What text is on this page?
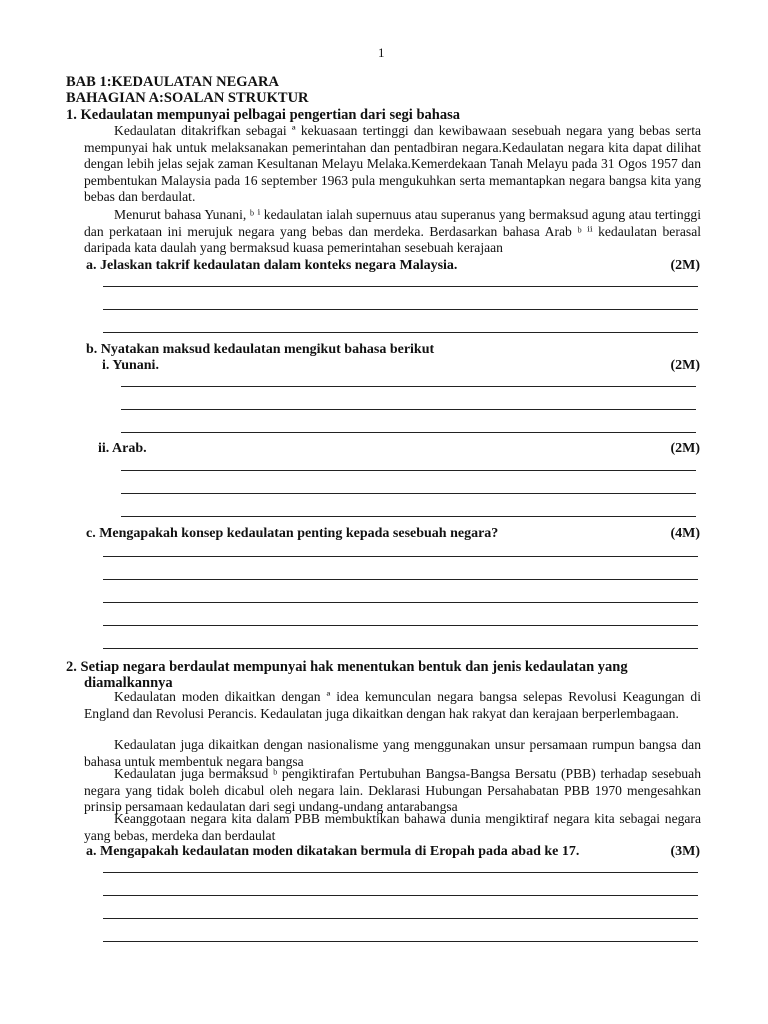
1
BAB 1:KEDAULATAN NEGARA
BAHAGIAN A:SOALAN STRUKTUR
1. Kedaulatan mempunyai pelbagai pengertian dari segi bahasa
Kedaulatan ditakrifkan sebagai ª kekuasaan tertinggi dan kewibawaan sesebuah negara yang bebas serta mempunyai hak untuk melaksanakan pemerintahan dan pentadbiran negara.Kedaulatan negara kita dapat dilihat dengan lebih jelas sejak zaman Kesultanan Melayu Melaka.Kemerdekaan Tanah Melayu pada 31 Ogos 1957 dan pembentukan Malaysia pada 16 september 1963 pula mengukuhkan serta memantapkan negara bangsa kita yang bebas dan berdaulat.
Menurut bahasa Yunani, ᵇ ⁱ kedaulatan ialah supernuus atau superanus yang bermaksud agung atau tertinggi dan perkataan ini merujuk negara yang bebas dan merdeka. Berdasarkan bahasa Arab ᵇ ⁱⁱ kedaulatan berasal daripada kata daulah yang bermaksud kuasa pemerintahan sesebuah kerajaan
a. Jelaskan takrif kedaulatan dalam konteks negara Malaysia.	(2M)
b. Nyatakan maksud kedaulatan mengikut bahasa berikut
i. Yunani.	(2M)
ii. Arab.	(2M)
c. Mengapakah konsep kedaulatan penting kepada sesebuah negara?	(4M)
2. Setiap negara berdaulat mempunyai hak menentukan bentuk dan jenis kedaulatan yang
diamalkannya
Kedaulatan moden dikaitkan dengan ª idea kemunculan negara bangsa selepas Revolusi Keagungan di England dan Revolusi Perancis. Kedaulatan juga dikaitkan dengan hak rakyat dan kerajaan berperlembagaan.
Kedaulatan juga dikaitkan dengan nasionalisme yang menggunakan unsur persamaan rumpun bangsa dan bahasa untuk membentuk negara bangsa
Kedaulatan juga bermaksud ᵇ pengiktirafan Pertubuhan Bangsa-Bangsa Bersatu (PBB) terhadap sesebuah negara yang tidak boleh dicabul oleh negara lain. Deklarasi Hubungan Persahabatan PBB 1970 mengesahkan prinsip persamaan kedaulatan dari segi undang-undang antarabangsa
Keanggotaan negara kita dalam PBB membuktikan bahawa dunia mengiktiraf negara kita sebagai negara yang bebas, merdeka dan berdaulat
a. Mengapakah kedaulatan moden dikatakan bermula di Eropah pada abad ke 17.	(3M)
